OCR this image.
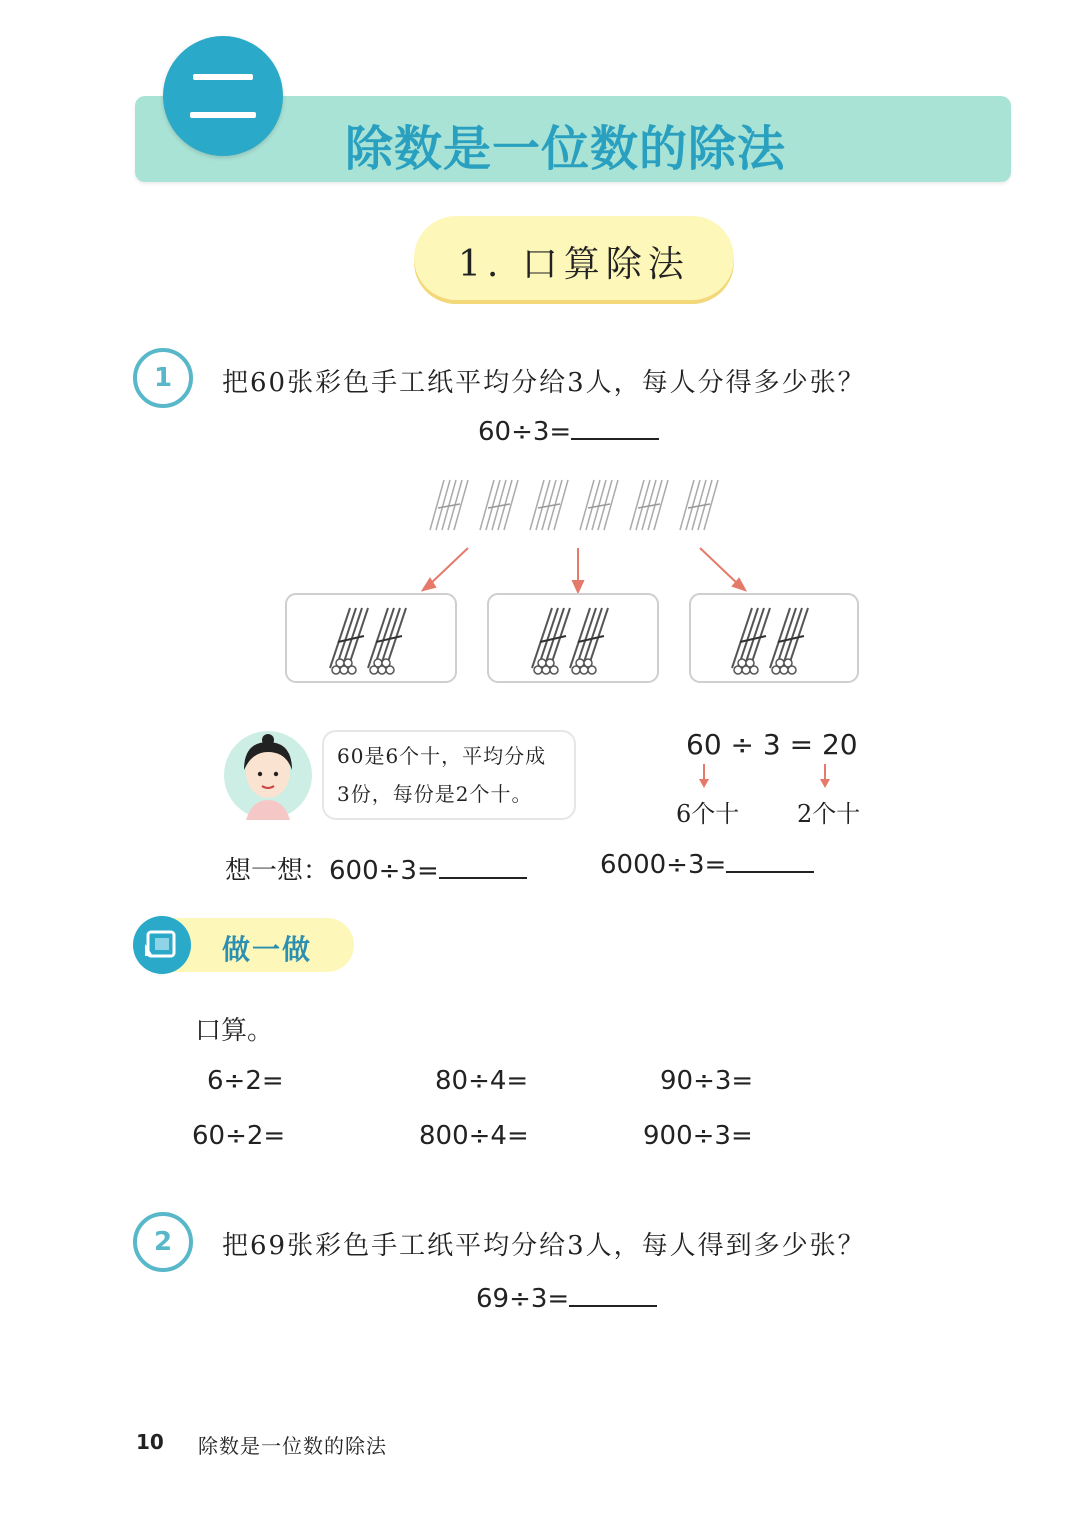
除数是一位数的除法
1. 口算除法
1	把60张彩色手工纸平均分给3人，每人分得多少张？
60÷3=
60是6个十，平均分成
3份，每份是2个十。
60 ÷ 3 = 20
6个十 2个十
想一想：600÷3=	6000÷3=
做一做
口算。
6÷2=	80÷4=	90÷3=
60÷2=	800÷4=	900÷3=
2	把69张彩色手工纸平均分给3人，每人得到多少张？
69÷3=
10 除数是一位数的除法
